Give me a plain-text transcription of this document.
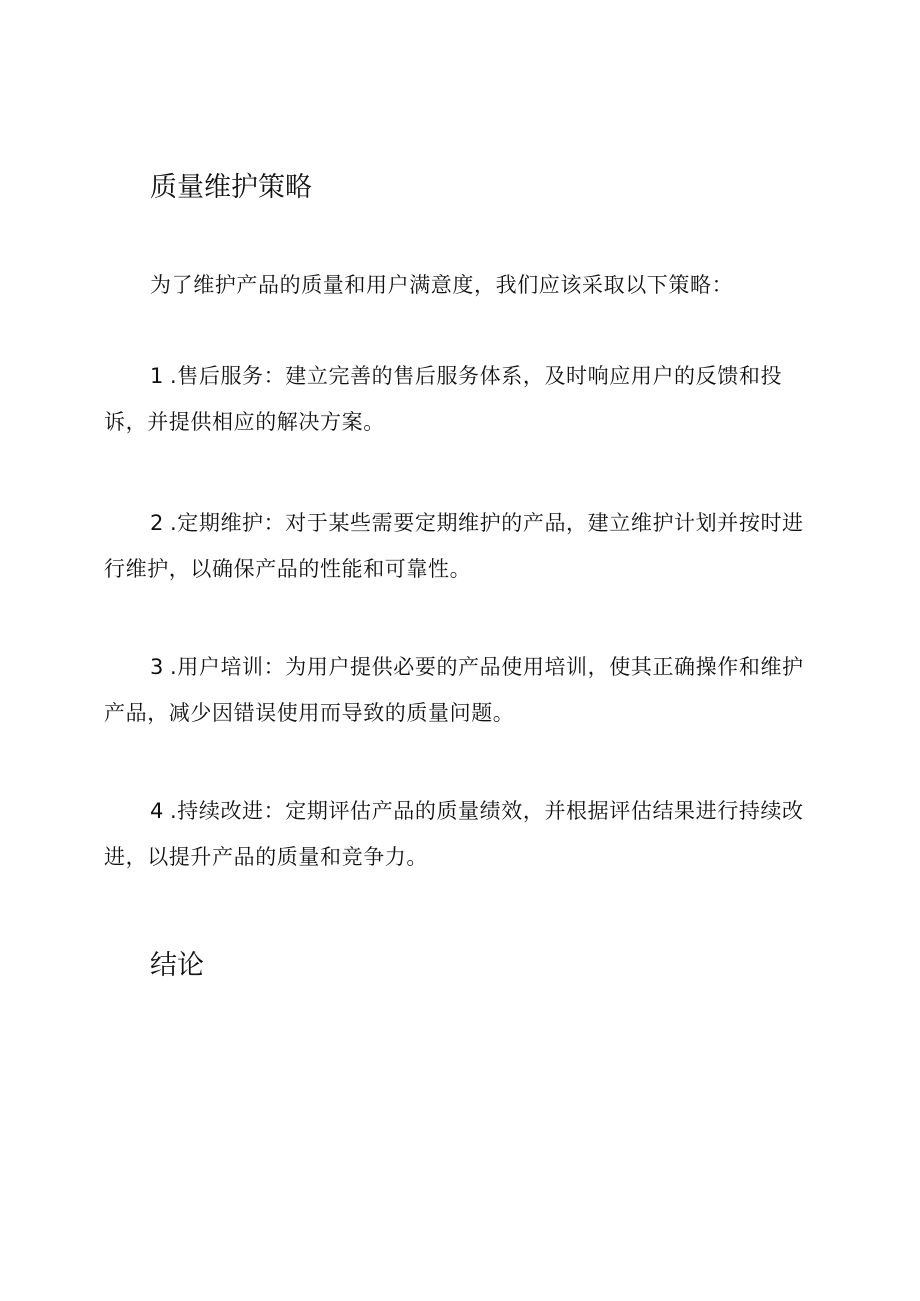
质量维护策略

为了维护产品的质量和用户满意度，我们应该采取以下策略：

1 .售后服务：建立完善的售后服务体系，及时响应用户的反馈和投诉，并提供相应的解决方案。

2 .定期维护：对于某些需要定期维护的产品，建立维护计划并按时进行维护，以确保产品的性能和可靠性。

3 .用户培训：为用户提供必要的产品使用培训，使其正确操作和维护产品，减少因错误使用而导致的质量问题。

4 .持续改进：定期评估产品的质量绩效，并根据评估结果进行持续改进，以提升产品的质量和竞争力。

结论
